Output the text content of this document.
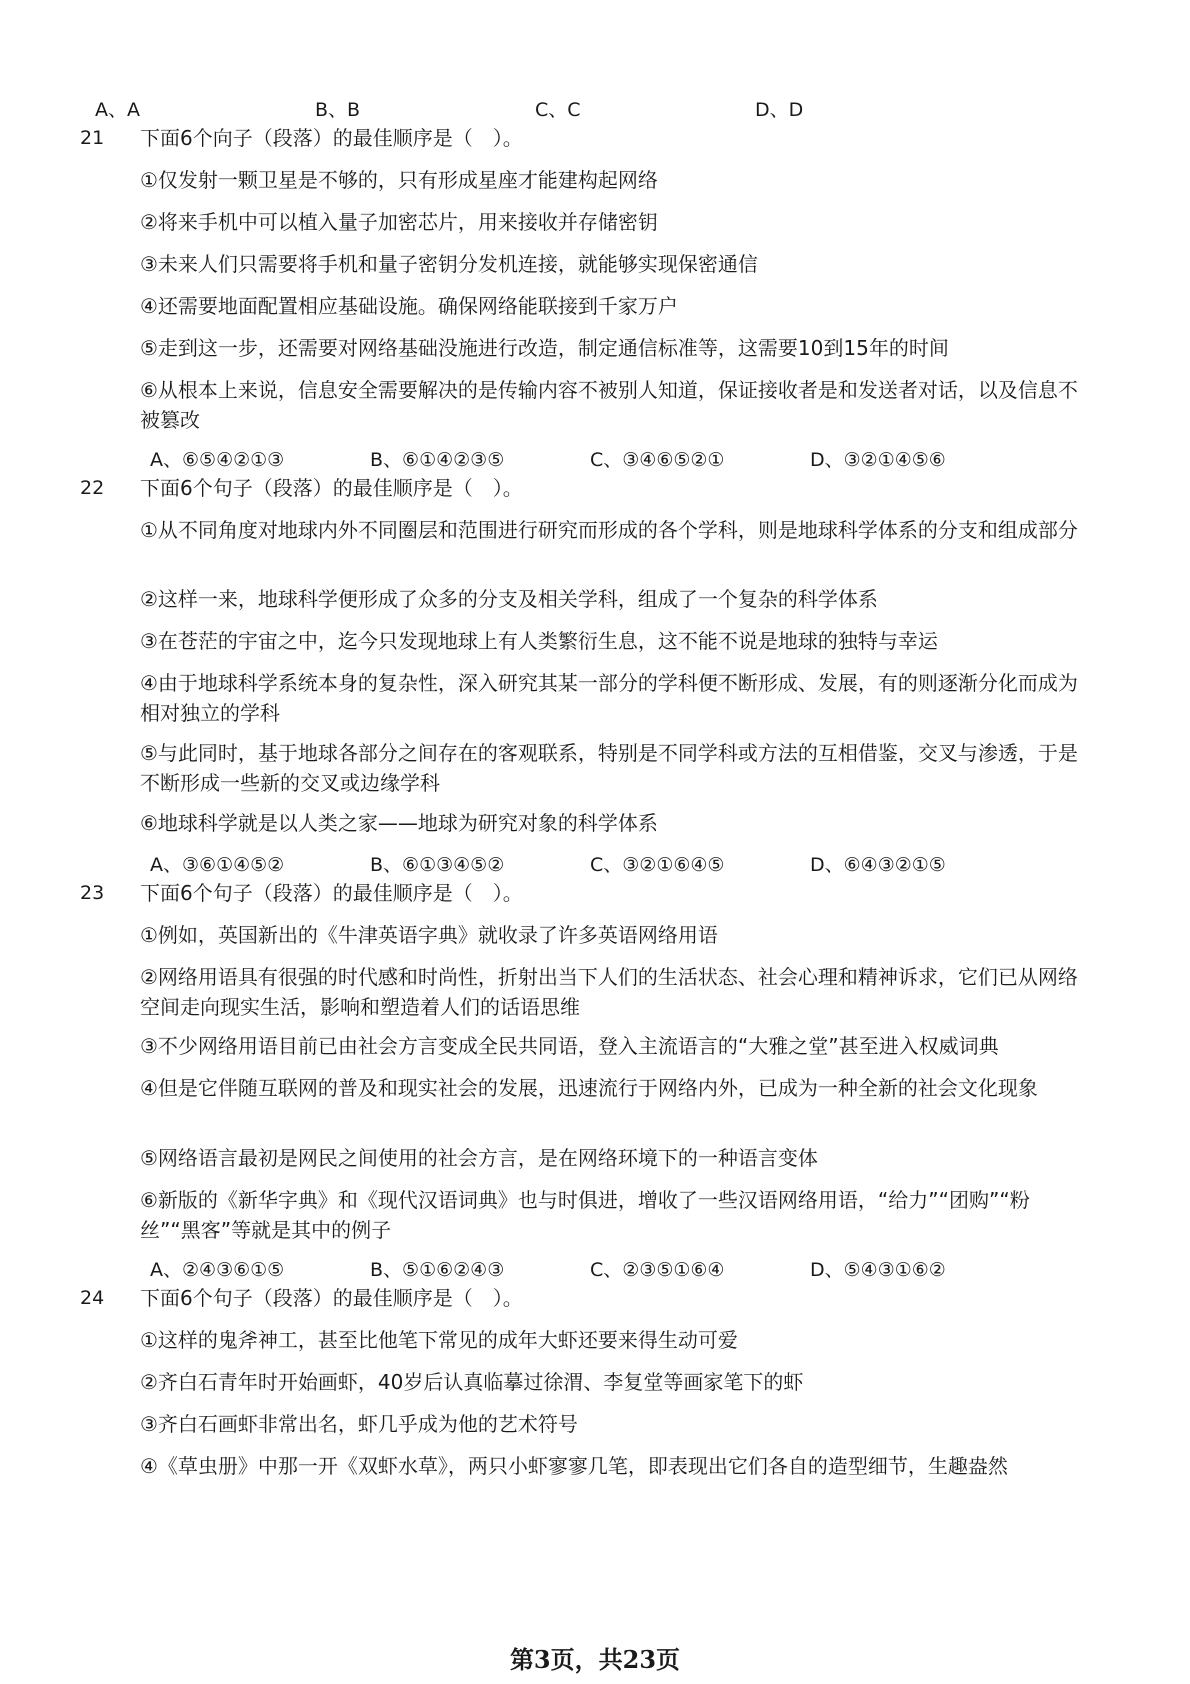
A、A	B、B	C、C	D、D
21 下面6个向子（段落）的最佳顺序是（　）。
①仅发射一颗卫星是不够的，只有形成星座才能建构起网络
②将来手机中可以植入量子加密芯片，用来接收并存储密钥
③未来人们只需要将手机和量子密钥分发机连接，就能够实现保密通信
④还需要地面配置相应基础设施。确保网络能联接到千家万户
⑤走到这一步，还需要对网络基础没施进行改造，制定通信标准等，这需要10到15年的时间
⑥从根本上来说，信息安全需要解决的是传输内容不被别人知道，保证接收者是和发送者对话，以及信息不被篡改
A、⑥⑤④②①③	B、⑥①④②③⑤	C、③④⑥⑤②①	D、③②①④⑤⑥
22 下面6个句子（段落）的最佳顺序是（　）。
①从不同角度对地球内外不同圈层和范围进行研究而形成的各个学科，则是地球科学体系的分支和组成部分
②这样一来，地球科学便形成了众多的分支及相关学科，组成了一个复杂的科学体系
③在苍茫的宇宙之中，迄今只发现地球上有人类繁衍生息，这不能不说是地球的独特与幸运
④由于地球科学系统本身的复杂性，深入研究其某一部分的学科便不断形成、发展，有的则逐渐分化而成为相对独立的学科
⑤与此同时，基于地球各部分之间存在的客观联系，特别是不同学科或方法的互相借鉴，交叉与渗透，于是不断形成一些新的交叉或边缘学科
⑥地球科学就是以人类之家——地球为研究对象的科学体系
A、③⑥①④⑤②	B、⑥①③④⑤②	C、③②①⑥④⑤	D、⑥④③②①⑤
23 下面6个句子（段落）的最佳顺序是（　）。
①例如，英国新出的《牛津英语字典》就收录了许多英语网络用语
②网络用语具有很强的时代感和时尚性，折射出当下人们的生活状态、社会心理和精神诉求，它们已从网络空间走向现实生活，影响和塑造着人们的话语思维
③不少网络用语目前已由社会方言变成全民共同语，登入主流语言的“大雅之堂”甚至进入权威词典
④但是它伴随互联网的普及和现实社会的发展，迅速流行于网络内外，已成为一种全新的社会文化现象
⑤网络语言最初是网民之间使用的社会方言，是在网络环境下的一种语言变体
⑥新版的《新华字典》和《现代汉语词典》也与时俱进，增收了一些汉语网络用语，“给力”“团购”“粉丝”“黑客”等就是其中的例子
A、②④③⑥①⑤	B、⑤①⑥②④③	C、②③⑤①⑥④	D、⑤④③①⑥②
24 下面6个句子（段落）的最佳顺序是（　）。
①这样的鬼斧神工，甚至比他笔下常见的成年大虾还要来得生动可爱
②齐白石青年时开始画虾，40岁后认真临摹过徐渭、李复堂等画家笔下的虾
③齐白石画虾非常出名，虾几乎成为他的艺术符号
④《草虫册》中那一开《双虾水草》，两只小虾寥寥几笔，即表现出它们各自的造型细节，生趣盎然
第3页，共23页
